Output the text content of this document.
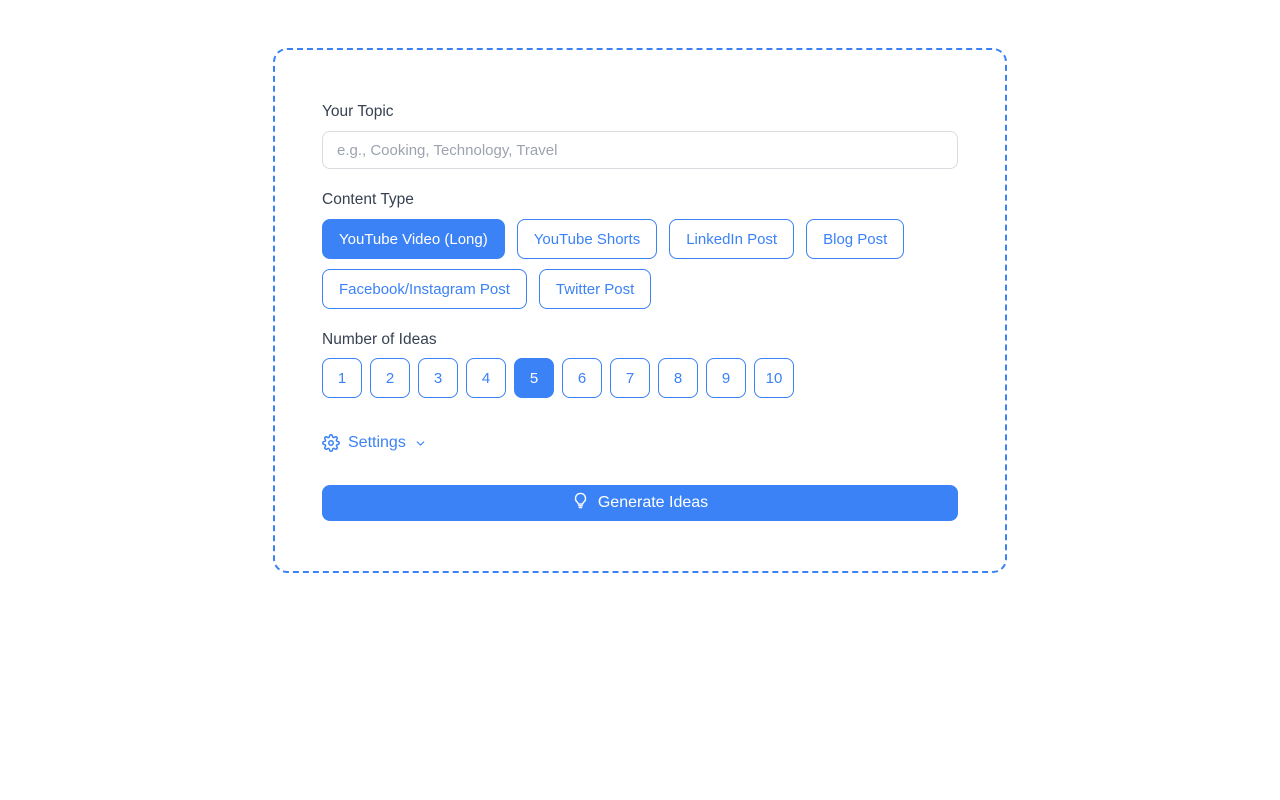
Your Topic
e.g., Cooking, Technology, Travel
Content Type
YouTube Video (Long)	YouTube Shorts	LinkedIn Post	Blog Post
Facebook/Instagram Post	Twitter Post
Number of Ideas
1	2	3	4	5	6	7	8	9	10
Settings
Generate Ideas
